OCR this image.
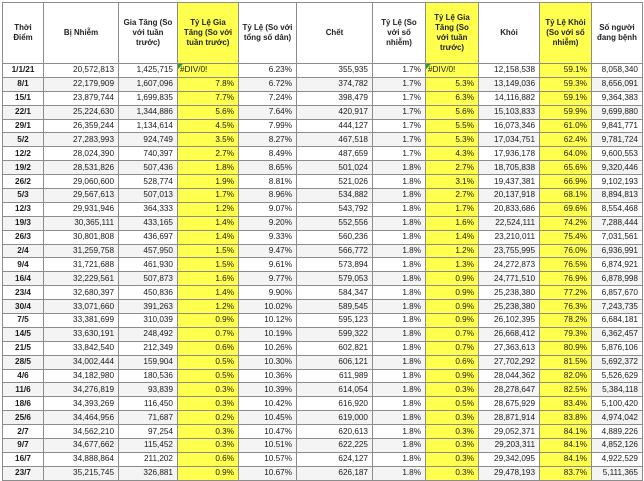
Thời Điểm	Bị Nhiễm	Gia Tăng (So với tuần trước)	Tỷ Lệ Gia Tăng (So với tuần trước)	Tỷ Lệ (So với tổng số dân)	Chết	Tỷ Lệ (So với số nhiễm)	Tỷ Lệ Gia Tăng (So với tuần trước)	Khỏi	Tỷ Lệ Khỏi (So với số nhiễm)	Số người đang bệnh
1/1/21	20,572,813	1,425,715	#DIV/0!	6.23%	355,935	1.7%	#DIV/0!	12,158,538	59.1%	8,058,340
8/1	22,179,909	1,607,096	7.8%	6.72%	374,782	1.7%	5.3%	13,149,036	59.3%	8,656,091
15/1	23,879,744	1,699,835	7.7%	7.24%	398,479	1.7%	6.3%	14,116,882	59.1%	9,364,383
22/1	25,224,630	1,344,886	5.6%	7.64%	420,917	1.7%	5.6%	15,103,833	59.9%	9,699,880
29/1	26,359,244	1,134,614	4.5%	7.99%	444,127	1.7%	5.5%	16,073,346	61.0%	9,841,771
5/2	27,283,993	924,749	3.5%	8.27%	467,518	1.7%	5.3%	17,034,751	62.4%	9,781,724
12/2	28,024,390	740,397	2.7%	8.49%	487,659	1.7%	4.3%	17,936,178	64.0%	9,600,553
19/2	28,531,826	507,436	1.8%	8.65%	501,024	1.8%	2.7%	18,705,838	65.6%	9,320,446
26/2	29,060,600	528,774	1.9%	8.81%	521,026	1.8%	3.1%	19,437,381	66.9%	9,102,193
5/3	29,567,613	507,013	1.7%	8.96%	534,882	1.8%	2.7%	20,137,918	68.1%	8,894,813
12/3	29,931,946	364,333	1.2%	9.07%	543,792	1.8%	1.7%	20,833,686	69.6%	8,554,468
19/3	30,365,111	433,165	1.4%	9.20%	552,556	1.8%	1.6%	22,524,111	74.2%	7,288,444
26/3	30,801,808	436,697	1.4%	9.33%	560,236	1.8%	1.4%	23,210,011	75.4%	7,031,561
2/4	31,259,758	457,950	1.5%	9.47%	566,772	1.8%	1.2%	23,755,995	76.0%	6,936,991
9/4	31,721,688	461,930	1.5%	9.61%	573,894	1.8%	1.3%	24,272,873	76.5%	6,874,921
16/4	32,229,561	507,873	1.6%	9.77%	579,053	1.8%	0.9%	24,771,510	76.9%	6,878,998
23/4	32,680,397	450,836	1.4%	9.90%	584,347	1.8%	0.9%	25,238,380	77.2%	6,857,670
30/4	33,071,660	391,263	1.2%	10.02%	589,545	1.8%	0.9%	25,238,380	76.3%	7,243,735
7/5	33,381,699	310,039	0.9%	10.12%	595,123	1.8%	0.9%	26,102,395	78.2%	6,684,181
14/5	33,630,191	248,492	0.7%	10.19%	599,322	1.8%	0.7%	26,668,412	79.3%	6,362,457
21/5	33,842,540	212,349	0.6%	10.26%	602,821	1.8%	0.7%	27,363,613	80.9%	5,876,106
28/5	34,002,444	159,904	0.5%	10.30%	606,121	1.8%	0.6%	27,702,292	81.5%	5,692,372
4/6	34,182,980	180,536	0.5%	10.36%	611,989	1.8%	0.9%	28,044,362	82.0%	5,526,629
11/6	34,276,819	93,839	0.3%	10.39%	614,054	1.8%	0.3%	28,278,647	82.5%	5,384,118
18/6	34,393,269	116,450	0.3%	10.42%	616,920	1.8%	0.5%	28,675,929	83.4%	5,100,420
25/6	34,464,956	71,687	0.2%	10.45%	619,000	1.8%	0.3%	28,871,914	83.8%	4,974,042
2/7	34,562,210	97,254	0.3%	10.47%	620,613	1.8%	0.3%	29,052,371	84.1%	4,889,226
9/7	34,677,662	115,452	0.3%	10.51%	622,225	1.8%	0.3%	29,203,311	84.1%	4,852,126
16/7	34,888,864	211,202	0.6%	10.57%	624,127	1.8%	0.3%	29,342,095	84.1%	4,922,529
23/7	35,215,745	326,881	0.9%	10.67%	626,187	1.8%	0.3%	29,478,193	83.7%	5,111,365
